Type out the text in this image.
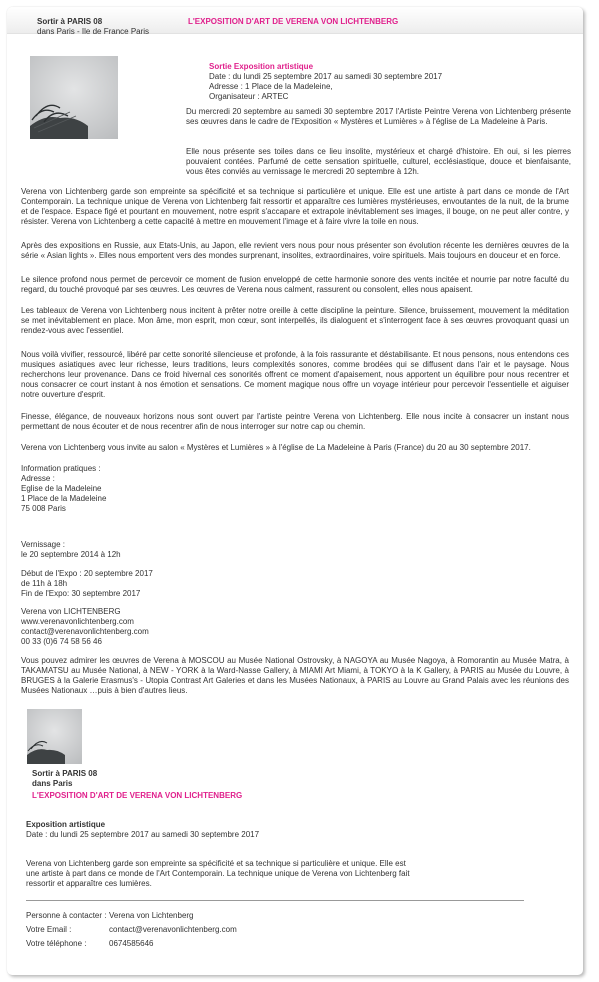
Sortir à PARIS 08
dans Paris - Ile de France Paris
L'EXPOSITION D'ART DE VERENA VON LICHTENBERG
Sortie Exposition artistique
Date : du lundi 25 septembre 2017 au samedi 30 septembre 2017
Adresse : 1 Place de la Madeleine,
Organisateur : ARTEC

Du mercredi 20 septembre au samedi 30 septembre 2017 l'Artiste Peintre Verena von Lichtenberg présente ses œuvres dans le cadre de l'Exposition « Mystères et Lumières » à l'église de La Madeleine à Paris.

Elle nous présente ses toiles dans ce lieu insolite, mystérieux et chargé d'histoire. Eh oui, si les pierres pouvaient contées. Parfumé de cette sensation spirituelle, culturel, ecclésiastique, douce et bienfaisante, vous êtes conviés au vernissage le mercredi 20 septembre à 12h.

Verena von Lichtenberg garde son empreinte sa spécificité et sa technique si particulière et unique. Elle est une artiste à part dans ce monde de l'Art Contemporain. La technique unique de Verena von Lichtenberg fait ressortir et apparaître ces lumières mystérieuses, envoutantes de la nuit, de la brume et de l'espace. Espace figé et pourtant en mouvement, notre esprit s'accapare et extrapole inévitablement ses images, il bouge, on ne peut aller contre, y résister. Verena von Lichtenberg a cette capacité à mettre en mouvement l'image et à faire vivre la toile en nous.

Après des expositions en Russie, aux Etats-Unis, au Japon, elle revient vers nous pour nous présenter son évolution récente les dernières œuvres de la série « Asian lights ». Elles nous emportent vers des mondes surprenant, insolites, extraordinaires, voire spirituels. Mais toujours en douceur et en force.

Le silence profond nous permet de percevoir ce moment de fusion enveloppé de cette harmonie sonore des vents incitée et nourrie par notre faculté du regard, du touché provoqué par ses œuvres. Les œuvres de Verena nous calment, rassurent ou consolent, elles nous apaisent.

Les tableaux de Verena von Lichtenberg nous incitent à prêter notre oreille à cette discipline la peinture. Silence, bruissement, mouvement la méditation se met inévitablement en place. Mon âme, mon esprit, mon cœur, sont interpellés, ils dialoguent et s'interrogent face à ses œuvres provoquant quasi un rendez-vous avec l'essentiel.

Nous voilà vivifier, ressourcé, libéré par cette sonorité silencieuse et profonde, à la fois rassurante et déstabilisante. Et nous pensons, nous entendons ces musiques asiatiques avec leur richesse, leurs traditions, leurs complexités sonores, comme brodées qui se diffusent dans l'air et le paysage. Nous recherchons leur provenance. Dans ce froid hivernal ces sonorités offrent ce moment d'apaisement, nous apportent un équilibre pour nous recentrer et nous consacrer ce court instant à nos émotion et sensations. Ce moment magique nous offre un voyage intérieur pour percevoir l'essentielle et aiguiser notre ouverture d'esprit.

Finesse, élégance, de nouveaux horizons nous sont ouvert par l'artiste peintre Verena von Lichtenberg. Elle nous incite à consacrer un instant nous permettant de nous écouter et de nous recentrer afin de nous interroger sur notre cap ou chemin.

Verena von Lichtenberg vous invite au salon « Mystères et Lumières » à l'église de La Madeleine à Paris (France) du 20 au 30 septembre 2017.

Information pratiques :
Adresse :
Eglise de la Madeleine
1 Place de la Madeleine
75 008 Paris
Vernissage :
le 20 septembre 2014 à 12h
Début de l'Expo : 20 septembre 2017
de 11h à 18h
Fin de l'Expo: 30 septembre 2017
Verena von LICHTENBERG
www.verenavonlichtenberg.com
contact@verenavonlichtenberg.com
00 33 (0)6 74 58 56 46

Vous pouvez admirer les œuvres de Verena à MOSCOU au Musée National Ostrovsky, à NAGOYA au Musée Nagoya, à Romorantin au Musée Matra, à TAKAMATSU au Musée National, à NEW - YORK à la Ward-Nasse Gallery, à MIAMI Art Miami, à TOKYO à la K Gallery, à PARIS au Musée du Louvre, à BRUGES à la Galerie Erasmus's - Utopia Contrast Art Galeries et dans les Musées Nationaux, à PARIS au Louvre au Grand Palais avec les réunions des Musées Nationaux …puis à bien d'autres lieus.

Sortir à PARIS 08
dans Paris
L'EXPOSITION D'ART DE VERENA VON LICHTENBERG
Exposition artistique
Date : du lundi 25 septembre 2017 au samedi 30 septembre 2017
Verena von Lichtenberg garde son empreinte sa spécificité et sa technique si particulière et unique. Elle est
une artiste à part dans ce monde de l'Art Contemporain. La technique unique de Verena von Lichtenberg fait
ressortir et apparaître ces lumières.
Personne à contacter :
Votre Email :
Votre téléphone :
Verena von Lichtenberg
contact@verenavonlichtenberg.com
0674585646
